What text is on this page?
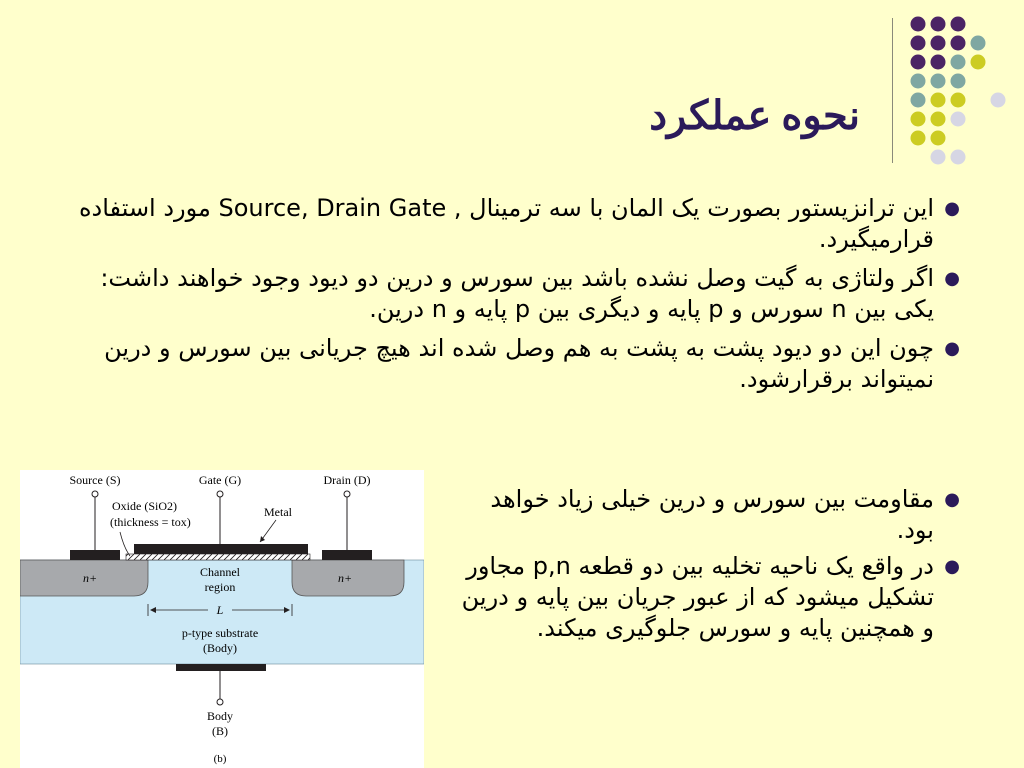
نحوه عملکرد
●
این ترانزیستور بصورت یک المان با سه ترمینال , Source, Drain Gate مورد استفاده قرارمیگیرد.
●
اگر ولتاژی به گیت وصل نشده باشد بین سورس و درین دو دیود وجود خواهند داشت: یکی بین n سورس و p پایه و دیگری بین p پایه و n درین.
●
چون این دو دیود پشت به پشت به هم وصل شده اند هیچ جریانی بین سورس و درین نمیتواند برقرارشود.
●
مقاومت بین سورس و درین خیلی زیاد خواهد بود.
●
در واقع یک ناحیه تخلیه بین دو قطعه p,n مجاور تشکیل میشود که از عبور جریان بین پایه و درین و همچنین پایه و سورس جلوگیری میکند.
Source (S)	Gate (G)	Drain (D)
Oxide (SiO2)
(thickness = tox)
Metal
Channel
region
n+	n+
L
p-type substrate
(Body)
Body
(B)
(b)
